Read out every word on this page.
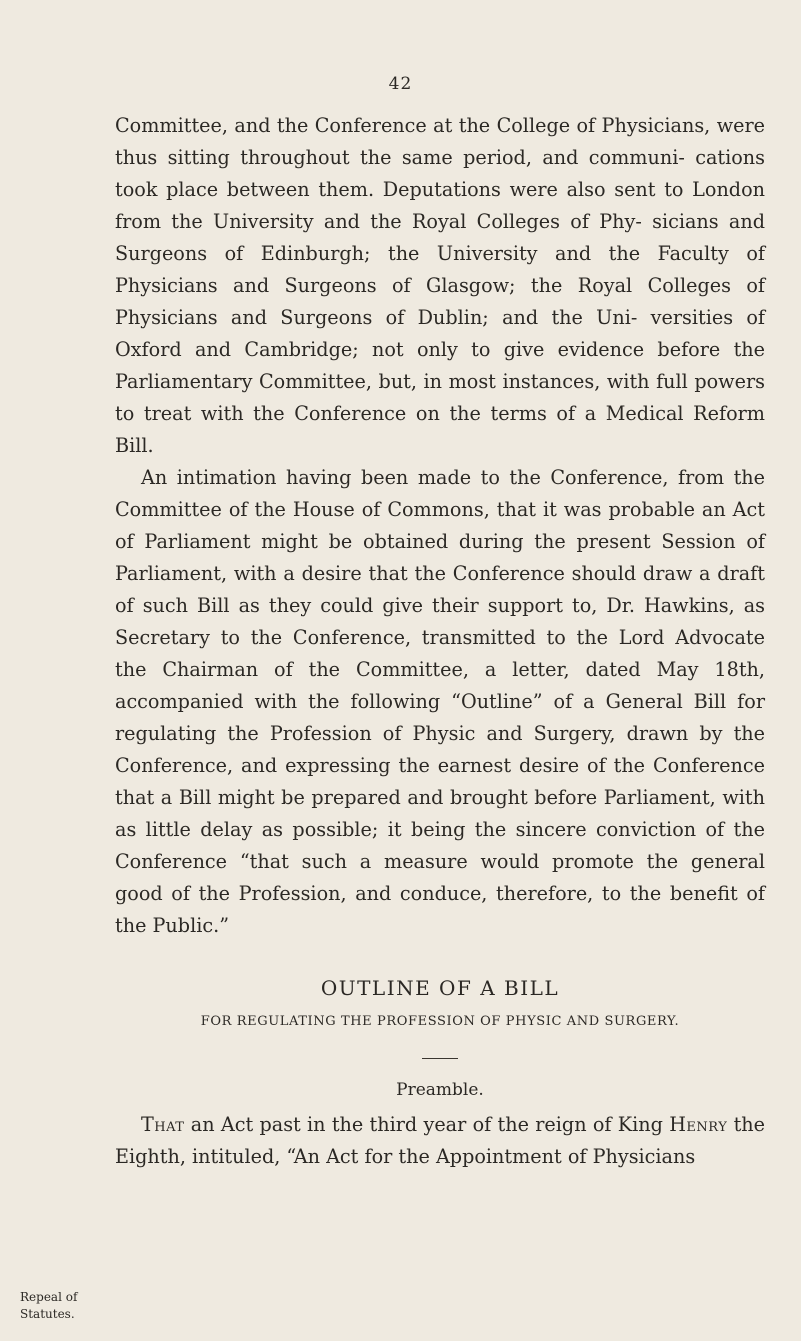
42

Committee, and the Conference at the College of Physicians, were thus sitting throughout the same period, and communi- cations took place between them. Deputations were also sent to London from the University and the Royal Colleges of Phy- sicians and Surgeons of Edinburgh; the University and the Faculty of Physicians and Surgeons of Glasgow; the Royal Colleges of Physicians and Surgeons of Dublin; and the Uni- versities of Oxford and Cambridge; not only to give evidence before the Parliamentary Committee, but, in most instances, with full powers to treat with the Conference on the terms of a Medical Reform Bill.

An intimation having been made to the Conference, from the Committee of the House of Commons, that it was probable an Act of Parliament might be obtained during the present Session of Parliament, with a desire that the Conference should draw a draft of such Bill as they could give their support to, Dr. Hawkins, as Secretary to the Conference, transmitted to the Lord Advocate the Chairman of the Committee, a letter, dated May 18th, accompanied with the following “Outline” of a General Bill for regulating the Profession of Physic and Surgery, drawn by the Conference, and expressing the earnest desire of the Conference that a Bill might be prepared and brought before Parliament, with as little delay as possible; it being the sincere conviction of the Conference “that such a measure would promote the general good of the Profession, and conduce, therefore, to the benefit of the Public.”

OUTLINE OF A BILL
FOR REGULATING THE PROFESSION OF PHYSIC AND SURGERY.
Preamble.

That an Act past in the third year of the reign of King Henry the Eighth, intituled, “An Act for the Appointment of Physicians

Repeal of
Statutes.
